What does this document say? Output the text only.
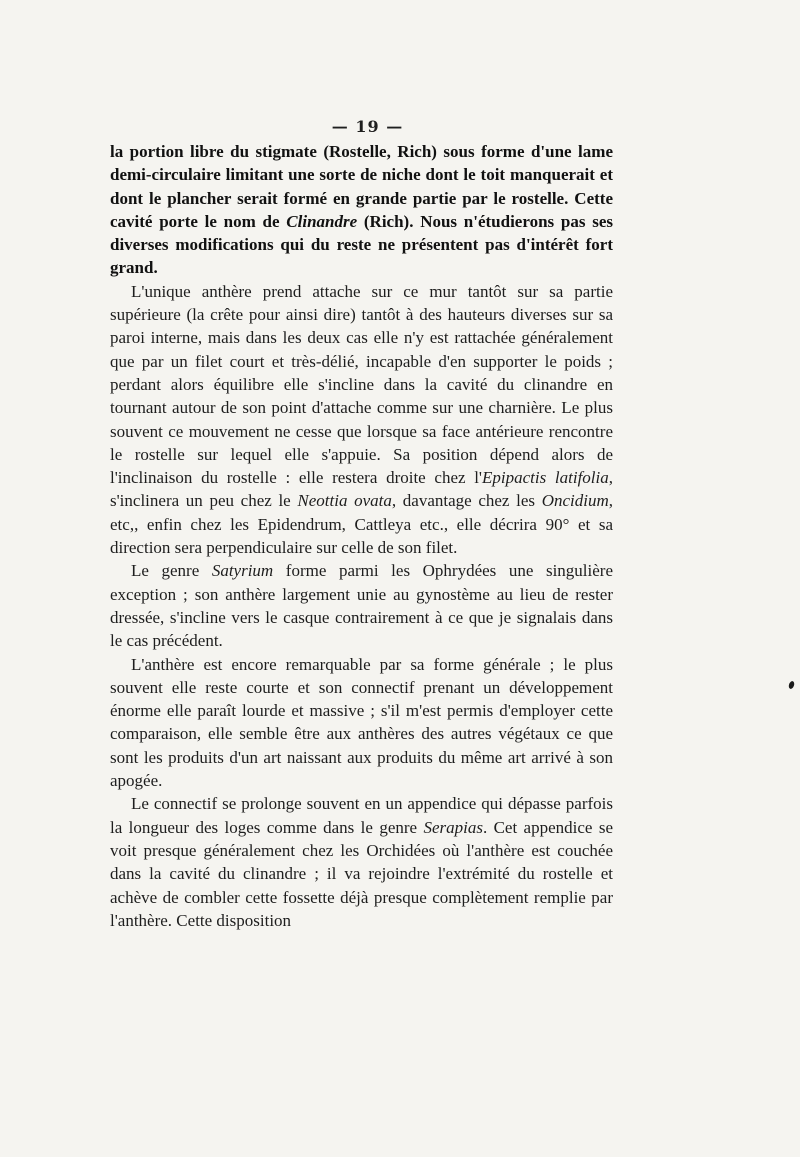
— 19 —

la portion libre du stigmate (Rostelle, Rich) sous forme d'une lame demi-circulaire limitant une sorte de niche dont le toit manquerait et dont le plancher serait formé en grande partie par le rostelle. Cette cavité porte le nom de Clinandre (Rich). Nous n'étudierons pas ses diverses modifications qui du reste ne présentent pas d'intérêt fort grand.

L'unique anthère prend attache sur ce mur tantôt sur sa partie supérieure (la crête pour ainsi dire) tantôt à des hauteurs diverses sur sa paroi interne, mais dans les deux cas elle n'y est rattachée généralement que par un filet court et très-délié, incapable d'en supporter le poids ; perdant alors équilibre elle s'incline dans la cavité du clinandre en tournant autour de son point d'attache comme sur une charnière. Le plus souvent ce mouvement ne cesse que lorsque sa face antérieure rencontre le rostelle sur lequel elle s'appuie. Sa position dépend alors de l'inclinaison du rostelle : elle restera droite chez l'Epipactis latifolia, s'inclinera un peu chez le Neottia ovata, davantage chez les Oncidium, etc,, enfin chez les Epidendrum, Cattleya etc., elle décrira 90° et sa direction sera perpendiculaire sur celle de son filet.

Le genre Satyrium forme parmi les Ophrydées une singulière exception ; son anthère largement unie au gynostème au lieu de rester dressée, s'incline vers le casque contrairement à ce que je signalais dans le cas précédent.

L'anthère est encore remarquable par sa forme générale ; le plus souvent elle reste courte et son connectif prenant un développement énorme elle paraît lourde et massive ; s'il m'est permis d'employer cette comparaison, elle semble être aux anthères des autres végétaux ce que sont les produits d'un art naissant aux produits du même art arrivé à son apogée.

Le connectif se prolonge souvent en un appendice qui dépasse parfois la longueur des loges comme dans le genre Serapias. Cet appendice se voit presque généralement chez les Orchidées où l'anthère est couchée dans la cavité du clinandre ; il va rejoindre l'extrémité du rostelle et achève de combler cette fossette déjà presque complètement remplie par l'anthère. Cette disposition
